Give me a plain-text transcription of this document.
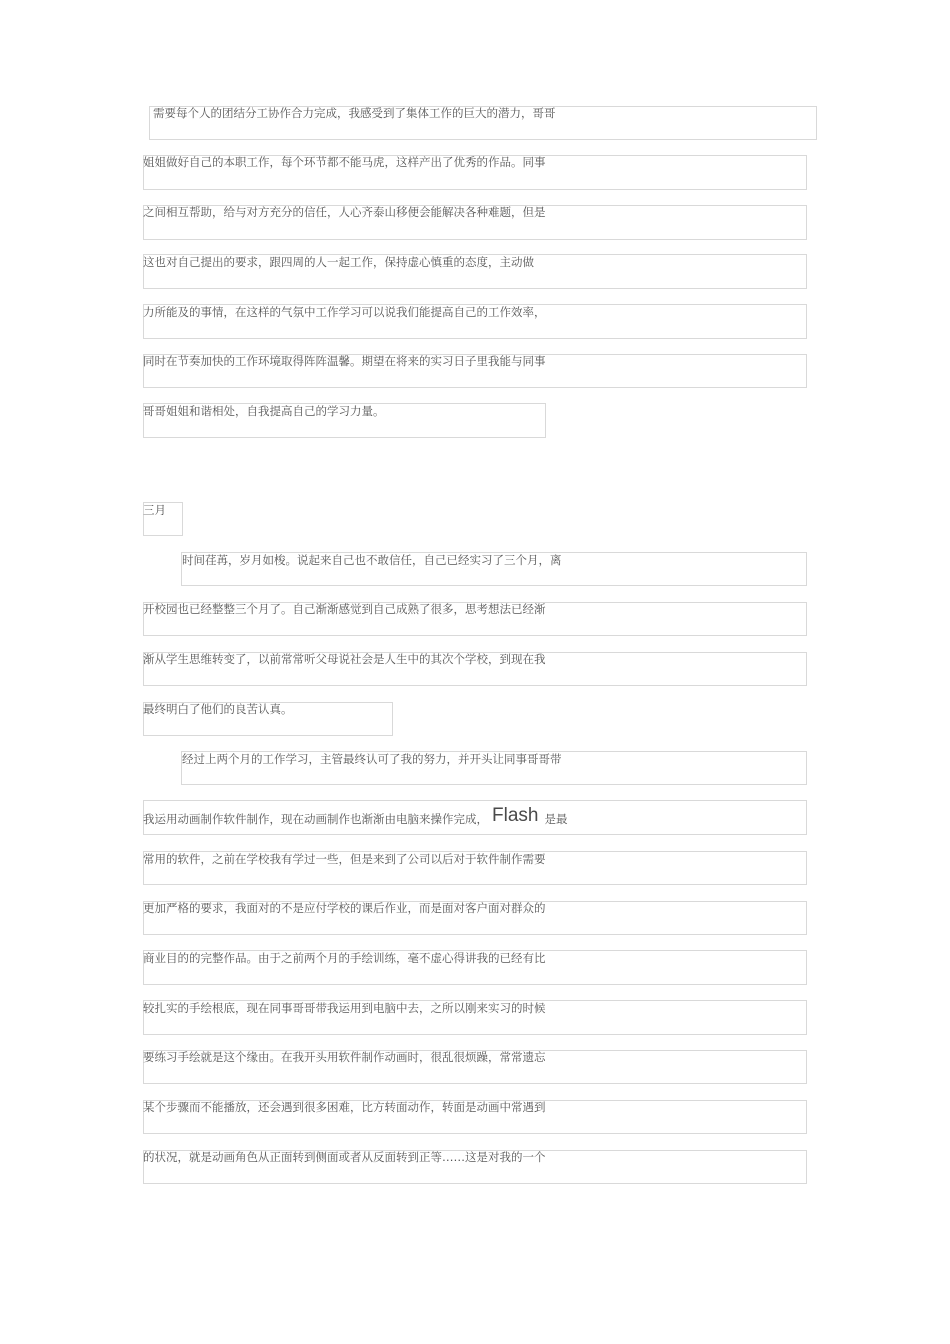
需要每个人的团结分工协作合力完成，我感受到了集体工作的巨大的潜力，哥哥
姐姐做好自己的本职工作，每个环节都不能马虎，这样产出了优秀的作品。同事
之间相互帮助，给与对方充分的信任，人心齐泰山移便会能解决各种难题，但是
这也对自己提出的要求，跟四周的人一起工作，保持虚心慎重的态度，主动做
力所能及的事情，在这样的气氛中工作学习可以说我们能提高自己的工作效率，
同时在节奏加快的工作环境取得阵阵温馨。期望在将来的实习日子里我能与同事
哥哥姐姐和谐相处，自我提高自己的学习力量。
三月
时间荏苒，岁月如梭。说起来自己也不敢信任，自己已经实习了三个月，离
开校园也已经整整三个月了。自己渐渐感觉到自己成熟了很多，思考想法已经渐
渐从学生思维转变了，以前常常听父母说社会是人生中的其次个学校，到现在我
最终明白了他们的良苦认真。
经过上两个月的工作学习，主管最终认可了我的努力，并开头让同事哥哥带
我运用动画制作软件制作，现在动画制作也渐渐由电脑来操作完成， Flash 是最
常用的软件，之前在学校我有学过一些，但是来到了公司以后对于软件制作需要
更加严格的要求，我面对的不是应付学校的课后作业，而是面对客户面对群众的
商业目的的完整作品。由于之前两个月的手绘训练，毫不虚心得讲我的已经有比
较扎实的手绘根底，现在同事哥哥带我运用到电脑中去，之所以刚来实习的时候
要练习手绘就是这个缘由。在我开头用软件制作动画时，很乱很烦躁，常常遗忘
某个步骤而不能播放，还会遇到很多困难，比方转面动作，转面是动画中常遇到
的状况，就是动画角色从正面转到侧面或者从反面转到正等……这是对我的一个
